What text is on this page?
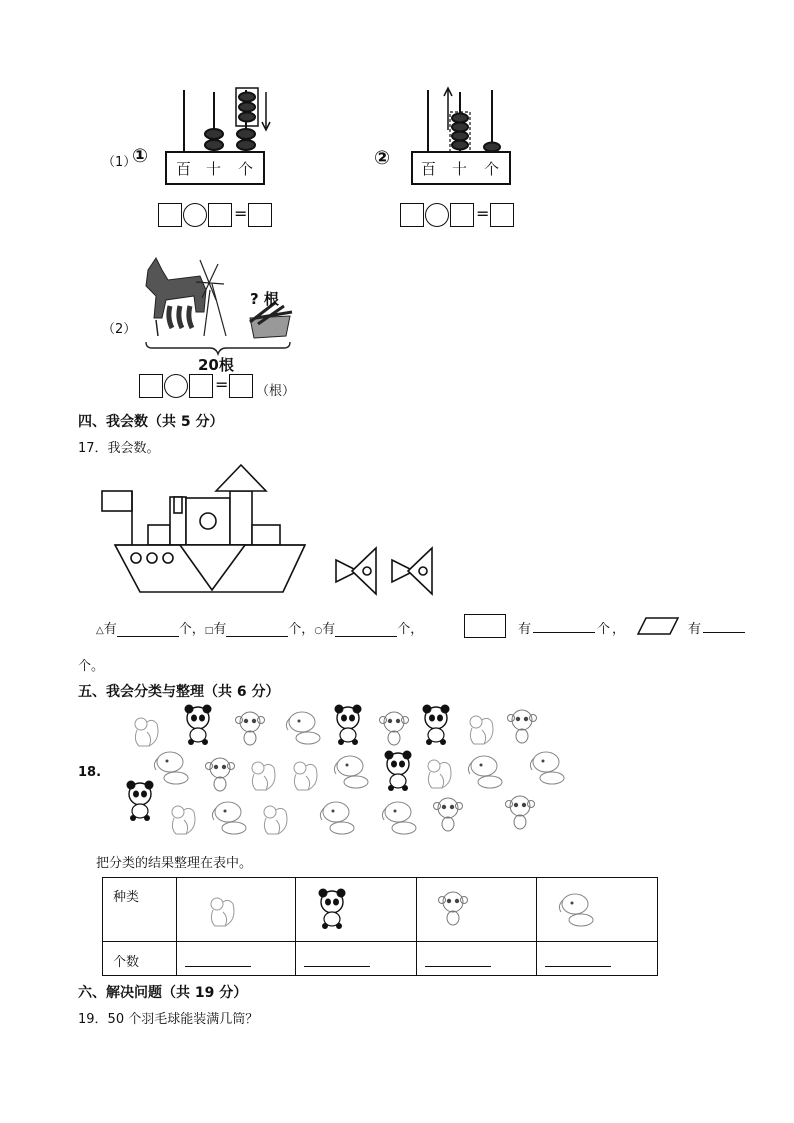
（1）
①
百 十 个	② 百 十 个
=	=
（2）
? 根
20根
= （根）
四、我会数（共 5 分）
17．我会数。
△有	个，□有	个，○有	个，	有	个 ，	有
个。
五、我会分类与整理（共 6 分）
18.
把分类的结果整理在表中。
种类				
个数				
六、解决问题（共 19 分）
19．50 个羽毛球能装满几筒？
